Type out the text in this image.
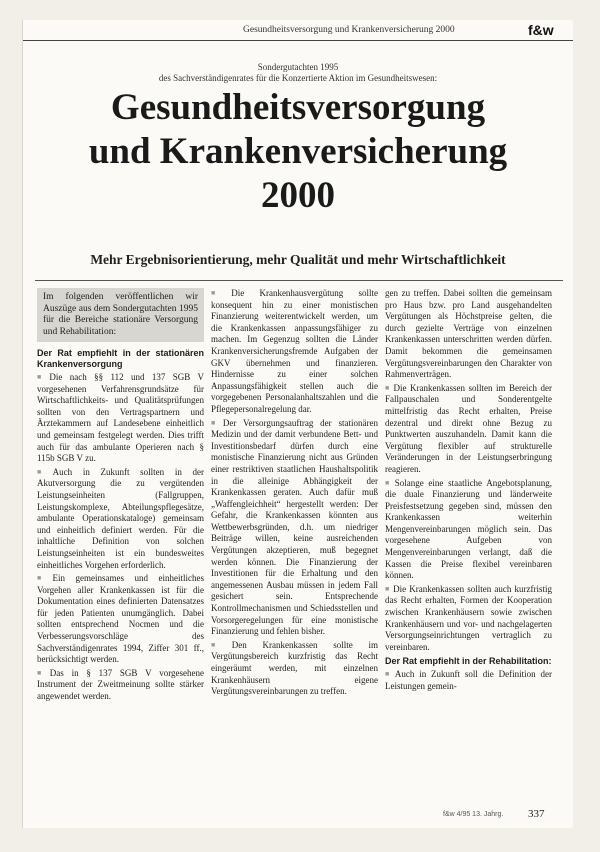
Gesundheitsversorgung und Krankenversicherung 2000	f&w
Sondergutachten 1995
des Sachverständigenrates für die Konzertierte Aktion im Gesundheitswesen:
Gesundheitsversorgung
und Krankenversicherung
2000
Mehr Ergebnisorientierung, mehr Qualität und mehr Wirtschaftlichkeit
Im folgenden veröffentlichen wir Auszüge aus dem Sondergutachten 1995 für die Bereiche stationäre Versorgung und Rehabilitation:
Der Rat empfiehlt in der stationären Krankenversorgung

■ Die nach §§ 112 und 137 SGB V vorgesehenen Verfahrensgrundsätze für Wirtschaftlichkeits- und Qualitätsprüfungen sollten von den Vertragspartnern und Ärztekammern auf Landesebene einheitlich und gemeinsam festgelegt werden. Dies trifft auch für das ambulante Operieren nach § 115b SGB V zu.

■ Auch in Zukunft sollten in der Akutversorgung die zu vergütenden Leistungseinheiten (Fallgruppen, Leistungskomplexe, Abteilungspflegesätze, ambulante Operationskataloge) gemeinsam und einheitlich definiert werden. Für die inhaltliche Definition von solchen Leistungseinheiten ist ein bundesweites einheitliches Vorgehen erforderlich.

■ Ein gemeinsames und einheitliches Vorgehen aller Krankenkassen ist für die Dokumentation eines definierten Datensatzes für jeden Patienten unumgänglich. Dabei sollten entsprechend Nocmen und die Verbesserungsvorschläge des Sachverständigenrates 1994, Ziffer 301 ff., berücksichtigt werden.

■ Das in § 137 SGB V vorgesehene Instrument der Zweitmeinung sollte stärker angewendet werden.

■ Die Krankenhausvergütung sollte konsequent hin zu einer monistischen Finanzierung weiterentwickelt werden, um die Krankenkassen anpassungsfähiger zu machen. Im Gegenzug sollten die Länder Krankenversicherungsfremde Aufgaben der GKV übernehmen und finanzieren. Hindernisse zu einer solchen Anpassungsfähigkeit stellen auch die vorgegebenen Personalanhaltszahlen und die Pflegepersonalregelung dar.

■ Der Versorgungsauftrag der stationären Medizin und der damit verbundene Bett- und Investitionsbedarf dürfen durch eine monistische Finanzierung nicht aus Gründen einer restriktiven staatlichen Haushaltspolitik in die alleinige Abhängigkeit der Krankenkassen geraten. Auch dafür muß „Waffengleichheit“ hergestellt werden: Der Gefahr, die Krankenkassen könnten aus Wettbewerbsgründen, d.h. um niedriger Beiträge willen, keine ausreichenden Vergütungen akzeptieren, muß begegnet werden können. Die Finanzierung der Investitionen für die Erhaltung und den angemessenen Ausbau müssen in jedem Fall gesichert sein. Entsprechende Kontrollmechanismen und Schiedsstellen und Vorsorgeregelungen für eine monistische Finanzierung und fehlen bisher.

■ Den Krankenkassen sollte im Vergütungsbereich kurzfristig das Recht eingeräumt werden, mit einzelnen Krankenhäusern eigene Vergütungsvereinbarungen zu treffen.

gen zu treffen. Dabei sollten die gemeinsam pro Haus bzw. pro Land ausgehandelten Vergütungen als Höchstpreise gelten, die durch gezielte Verträge von einzelnen Krankenkassen unterschritten werden dürfen. Damit bekommen die gemeinsamen Vergütungsvereinbarungen den Charakter von Rahmenverträgen.

■ Die Krankenkassen sollten im Bereich der Fallpauschalen und Sonderentgelte mittelfristig das Recht erhalten, Preise dezentral und direkt ohne Bezug zu Punktwerten auszuhandeln. Damit kann die Vergütung flexibler auf strukturelle Veränderungen in der Leistungserbringung reagieren.

■ Solange eine staatliche Angebotsplanung, die duale Finanzierung und länderweite Preisfestsetzung gegeben sind, müssen den Krankenkassen weiterhin Mengenvereinbarungen möglich sein. Das vorgesehene Aufgeben von Mengenvereinbarungen verlangt, daß die Kassen die Preise flexibel vereinbaren können.

■ Die Krankenkassen sollten auch kurzfristig das Recht erhalten, Formen der Kooperation zwischen Krankenhäusern sowie zwischen Krankenhäusern und vor- und nachgelagerten Versorgungseinrichtungen vertraglich zu vereinbaren.

Der Rat empfiehlt in der Rehabilitation:

■ Auch in Zukunft soll die Definition der Leistungen gemein-

f&w 4/95 13. Jahrg. 337
